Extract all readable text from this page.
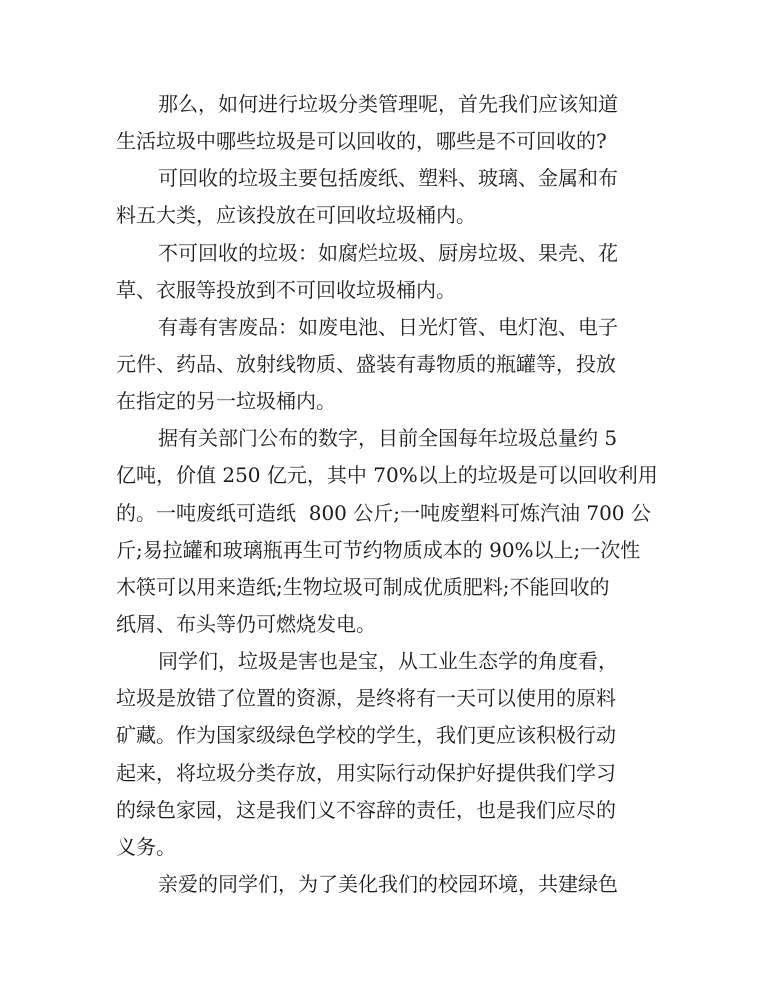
那么，如何进行垃圾分类管理呢，首先我们应该知道
生活垃圾中哪些垃圾是可以回收的，哪些是不可回收的?
可回收的垃圾主要包括废纸、塑料、玻璃、金属和布
料五大类，应该投放在可回收垃圾桶内。
不可回收的垃圾：如腐烂垃圾、厨房垃圾、果壳、花
草、衣服等投放到不可回收垃圾桶内。
有毒有害废品：如废电池、日光灯管、电灯泡、电子
元件、药品、放射线物质、盛装有毒物质的瓶罐等，投放
在指定的另一垃圾桶内。
据有关部门公布的数字，目前全国每年垃圾总量约 5
亿吨，价值 250 亿元，其中 70%以上的垃圾是可以回收利用
的。一吨废纸可造纸  800 公斤;一吨废塑料可炼汽油 700 公
斤;易拉罐和玻璃瓶再生可节约物质成本的 90%以上;一次性
木筷可以用来造纸;生物垃圾可制成优质肥料;不能回收的
纸屑、布头等仍可燃烧发电。
同学们，垃圾是害也是宝，从工业生态学的角度看，
垃圾是放错了位置的资源，是终将有一天可以使用的原料
矿藏。作为国家级绿色学校的学生，我们更应该积极行动
起来，将垃圾分类存放，用实际行动保护好提供我们学习
的绿色家园，这是我们义不容辞的责任，也是我们应尽的
义务。
亲爱的同学们，为了美化我们的校园环境，共建绿色
